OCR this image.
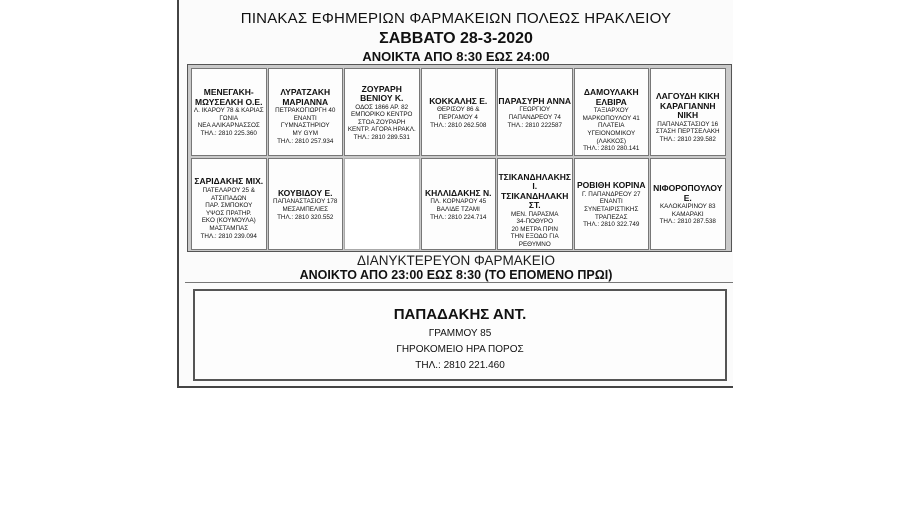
ΠΙΝΑΚΑΣ ΕΦΗΜΕΡΙΩΝ ΦΑΡΜΑΚΕΙΩΝ ΠΟΛΕΩΣ ΗΡΑΚΛΕΙΟΥ
ΣΑΒΒΑΤΟ 28-3-2020
ΑΝΟΙΚΤΑ ΑΠΟ 8:30 ΕΩΣ 24:00
ΜΕΝΕΓΑΚΗ-ΜΩΥΣΕΛΚΗ Ο.Ε.
Λ. ΙΚΑΡΟΥ 78 & ΚΑΡΙΑΣ
ΓΩΝΙΑ
ΝΕΑ ΑΛΙΚΑΡΝΑΣΣΟΣ
ΤΗΛ.: 2810 225.360
ΛΥΡΑΤΖΑΚΗ ΜΑΡΙΑΝΝΑ
ΠΕΤΡΑΚΟΓΙΩΡΓΗ 40
ΕΝΑΝΤΙ ΓΥΜΝΑΣΤΗΡΙΟΥ
MY GYM
ΤΗΛ.: 2810 257.934
ΖΟΥΡΑΡΗ ΒΕΝΙΟΥ Κ.
ΟΔΟΣ 1866 ΑΡ. 82
ΕΜΠΟΡΙΚΟ ΚΕΝΤΡΟ
ΣΤΟΑ ΖΟΥΡΑΡΗ
ΚΕΝΤΡ. ΑΓΟΡΑ ΗΡΑΚΛ.
ΤΗΛ.: 2810 289.531
ΚΟΚΚΑΛΗΣ Ε.
ΘΕΡΙΣΟΥ 86 &
ΠΕΡΓΑΜΟΥ 4
ΤΗΛ.: 2810 262.508
ΠΑΡΑΣΥΡΗ ΑΝΝΑ
ΓΕΩΡΓΙΟΥ
ΠΑΠΑΝΔΡΕΟΥ 74
ΤΗΛ.: 2810 222587
ΔΑΜΟΥΛΑΚΗ ΕΛΒΙΡΑ
ΤΑΞΙΑΡΧΟΥ ΜΑΡΚΟΠΟΥΛΟΥ 41
ΠΛΑΤΕΙΑ ΥΓΕΙΟΝΟΜΙΚΟΥ
(ΛΑΚΚΟΣ)
ΤΗΛ.: 2810 280.141
ΛΑΓΟΥΔΗ ΚΙΚΗ ΚΑΡΑΓΙΑΝΝΗ ΝΙΚΗ
ΠΑΠΑΝΑΣΤΑΣΙΟΥ 16
ΣΤΑΣΗ ΠΕΡΤΣΕΛΑΚΗ
ΤΗΛ.: 2810 239.582
ΣΑΡΙΔΑΚΗΣ ΜΙΧ.
ΠΑΤΕΛΑΡΟΥ 25 & ΑΤΣΙΠΑΔΩΝ
ΠΑΡ. ΣΜΠΟΚΟΥ
ΥΨΟΣ ΠΡΑΤΗΡ.
ΕΚΟ (ΚΟΥΜΟΥΛΑ)
ΜΑΣΤΑΜΠΑΣ
ΤΗΛ.: 2810 239.094
ΚΟΥΒΙΔΟΥ Ε.
ΠΑΠΑΝΑΣΤΑΣΙΟΥ 178
ΜΕΣΑΜΠΕΛΙΕΣ
ΤΗΛ.: 2810 320.552
ΚΗΛΛΙΔΑΚΗΣ Ν.
ΠΛ. ΚΟΡΝΑΡΟΥ 45
ΒΑΛΙΔΕ ΤΖΑΜΙ
ΤΗΛ.: 2810 224.714
ΤΣΙΚΑΝΔΗΛΑΚΗΣ Ι. ΤΣΙΚΑΝΔΗΛΑΚΗ ΣΤ.
ΜΕΝ. ΠΑΡΑΣΜΑ
34-ΠΟΘΥΡΟ
20 ΜΕΤΡΑ ΠΡΙΝ
ΤΗΝ ΕΞΟΔΟ ΓΙΑ
ΡΕΘΥΜΝΟ
ΡΟΒΙΘΗ ΚΟΡΙΝΑ
Γ. ΠΑΠΑΝΔΡΕΟΥ 27
ΕΝΑΝΤΙ
ΣΥΝΕΤΑΙΡΙΣΤΙΚΗΣ
ΤΡΑΠΕΖΑΣ
ΤΗΛ.: 2810 322.749
ΝΙΦΟΡΟΠΟΥΛΟΥ Ε.
ΚΑΛΟΚΑΙΡΙΝΟΥ 83
ΚΑΜΑΡΑΚΙ
ΤΗΛ.: 2810 287.538
ΔΙΑΝΥΚΤΕΡΕΥΟΝ ΦΑΡΜΑΚΕΙΟ
ΑΝΟΙΚΤΟ ΑΠΟ 23:00 ΕΩΣ 8:30 (ΤΟ ΕΠΟΜΕΝΟ ΠΡΩΙ)
ΠΑΠΑΔΑΚΗΣ ΑΝΤ.
ΓΡΑΜΜΟΥ 85
ΓΗΡΟΚΟΜΕΙΟ ΗΡΑ ΠΟΡΟΣ
ΤΗΛ.: 2810 221.460
